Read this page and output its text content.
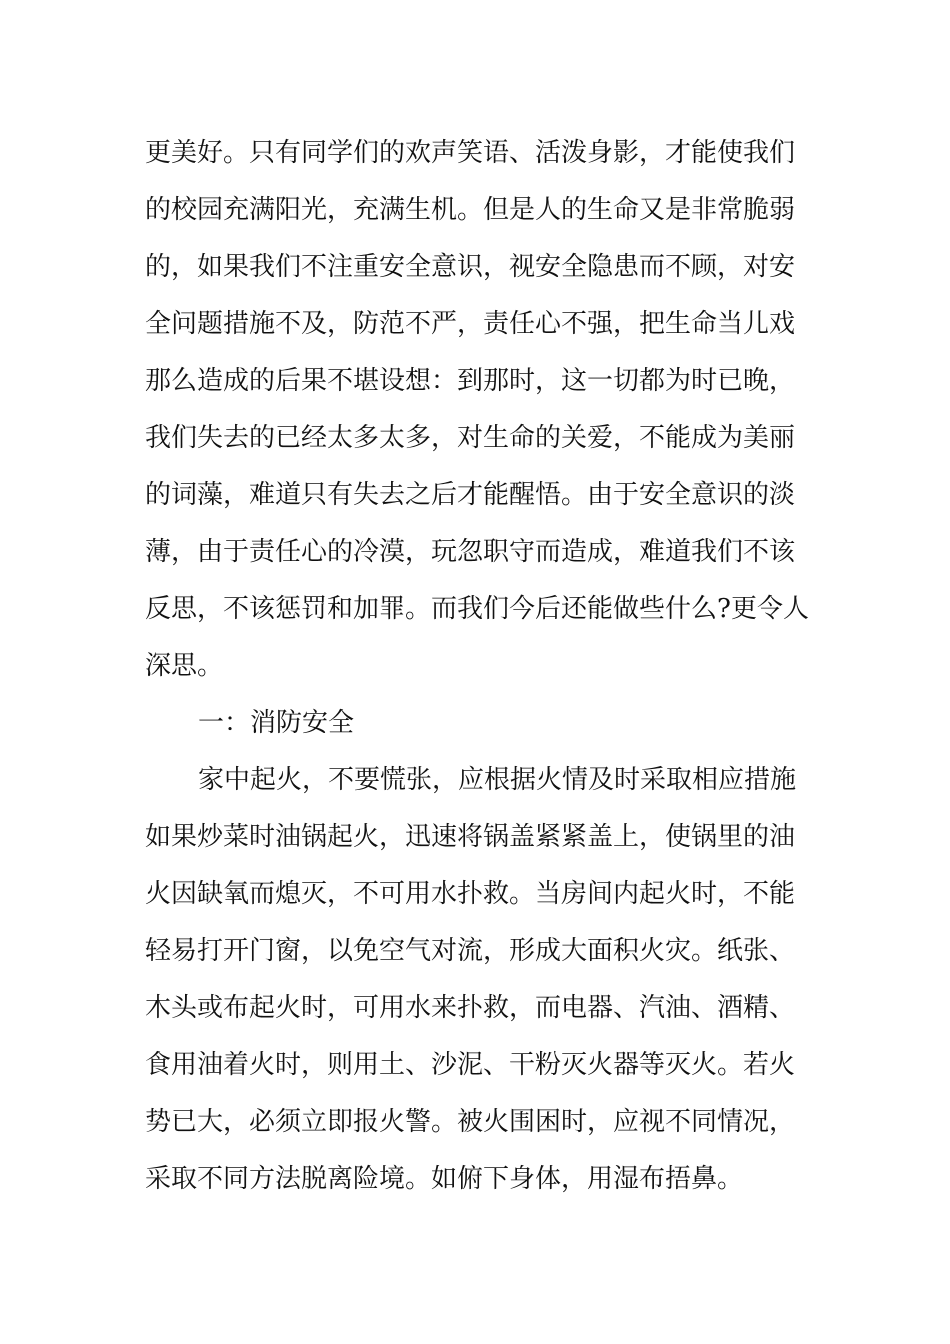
更美好。只有同学们的欢声笑语、活泼身影，才能使我们
的校园充满阳光，充满生机。但是人的生命又是非常脆弱
的，如果我们不注重安全意识，视安全隐患而不顾，对安
全问题措施不及，防范不严，责任心不强，把生命当儿戏
那么造成的后果不堪设想：到那时，这一切都为时已晚，
我们失去的已经太多太多，对生命的关爱，不能成为美丽
的词藻，难道只有失去之后才能醒悟。由于安全意识的淡
薄，由于责任心的冷漠，玩忽职守而造成，难道我们不该
反思，不该惩罚和加罪。而我们今后还能做些什么?更令人
深思。
一：消防安全
家中起火，不要慌张，应根据火情及时采取相应措施
如果炒菜时油锅起火，迅速将锅盖紧紧盖上，使锅里的油
火因缺氧而熄灭，不可用水扑救。当房间内起火时，不能
轻易打开门窗，以免空气对流，形成大面积火灾。纸张、
木头或布起火时，可用水来扑救，而电器、汽油、酒精、
食用油着火时，则用土、沙泥、干粉灭火器等灭火。若火
势已大，必须立即报火警。被火围困时，应视不同情况，
采取不同方法脱离险境。如俯下身体，用湿布捂鼻。
